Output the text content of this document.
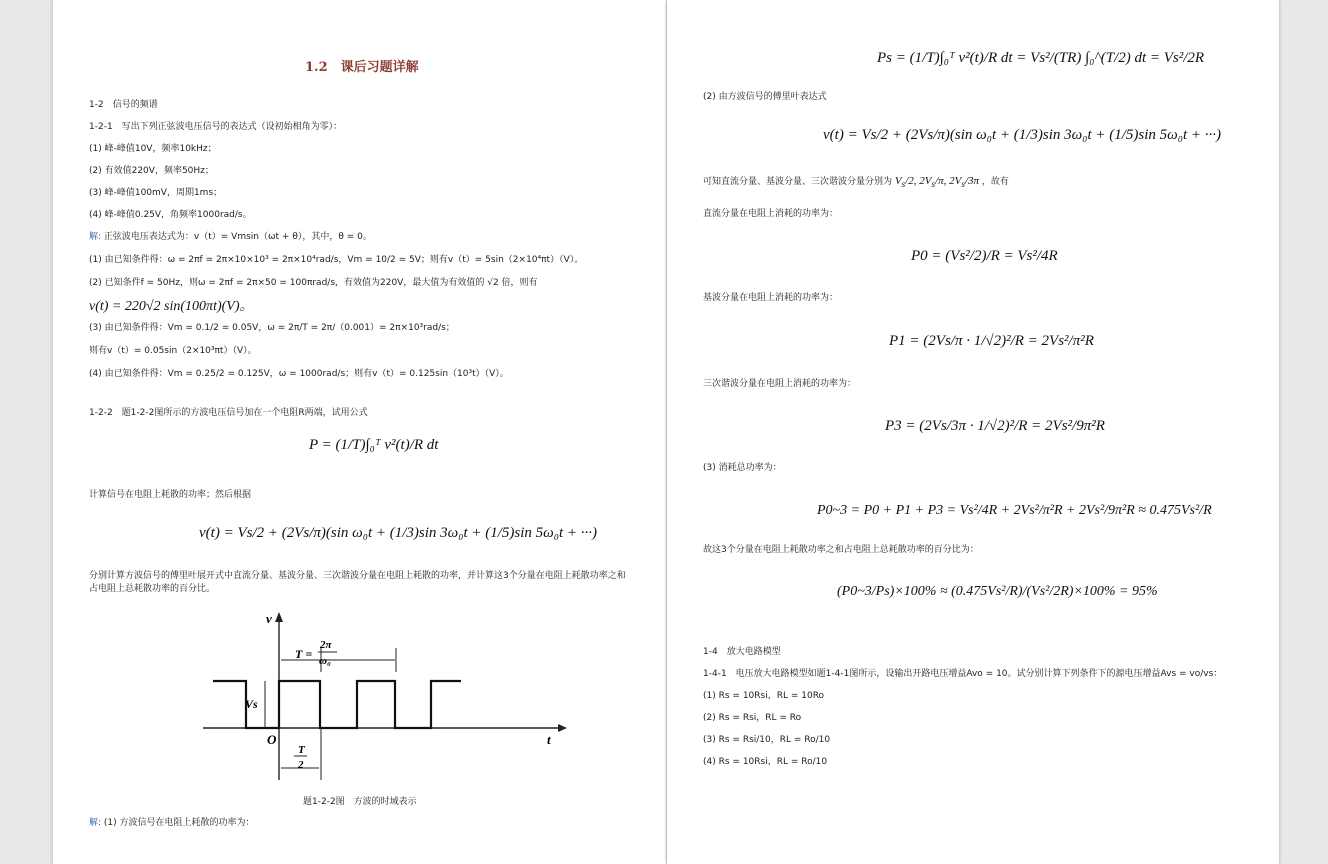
1.2　课后习题详解
1-2　信号的频谱
1-2-1　写出下列正弦波电压信号的表达式（设初始相角为零）：
(1) 峰-峰值10V，频率10kHz；
(2) 有效值220V，频率50Hz；
(3) 峰-峰值100mV，周期1ms；
(4) 峰-峰值0.25V，角频率1000rad/s。
解: 正弦波电压表达式为：v（t）= Vmsin（ωt + θ），其中，θ = 0。
(1) 由已知条件得：ω = 2πf = 2π×10×10³ = 2π×10⁴rad/s，Vm = 10/2 = 5V；则有v（t）= 5sin（2×10⁴πt）（V）。
(2) 已知条件f = 50Hz，则ω = 2πf = 2π×50 = 100πrad/s，有效值为220V，最大值为有效值的 √2 倍，则有
v(t) = 220√2 sin(100πt)(V)。
(3) 由已知条件得：Vm = 0.1/2 = 0.05V，ω = 2π/T = 2π/（0.001）= 2π×10³rad/s；
则有v（t）= 0.05sin（2×10³πt）（V）。
(4) 由已知条件得：Vm = 0.25/2 = 0.125V，ω = 1000rad/s；则有v（t）= 0.125sin（10³t）（V）。
1-2-2　题1-2-2图所示的方波电压信号加在一个电阻R两端，试用公式
P = (1/T)∫₀ᵀ v²(t)/R dt
计算信号在电阻上耗散的功率；然后根据
v(t) = Vs/2 + (2Vs/π)(sin ω₀t + (1/3)sin 3ω₀t + (1/5)sin 5ω₀t + ···)
分别计算方波信号的傅里叶展开式中直流分量、基波分量、三次谐波分量在电阻上耗散的功率，并计算这3个分量在电阻上耗散功率之和
占电阻上总耗散功率的百分比。
v
t
O
Vs
T =
2π
ω₀
T
2
题1-2-2图　方波的时域表示
解: (1) 方波信号在电阻上耗散的功率为：
Ps = (1/T)∫₀ᵀ v²(t)/R dt = Vs²/(TR) ∫₀^(T/2) dt = Vs²/2R
(2) 由方波信号的傅里叶表达式
v(t) = Vs/2 + (2Vs/π)(sin ω₀t + (1/3)sin 3ω₀t + (1/5)sin 5ω₀t + ···)
可知直流分量、基波分量、三次谐波分量分别为 $V_s/2$, $2V_s/\pi$, $2V_s/3\pi$ ，故有
直流分量在电阻上消耗的功率为：
P0 = (Vs²/2)/R = Vs²/4R
基波分量在电阻上消耗的功率为：
P1 = (2Vs/π · 1/√2)²/R = 2Vs²/π²R
三次谐波分量在电阻上消耗的功率为：
P3 = (2Vs/3π · 1/√2)²/R = 2Vs²/9π²R
(3) 消耗总功率为：
P0~3 = P0 + P1 + P3 = Vs²/4R + 2Vs²/π²R + 2Vs²/9π²R ≈ 0.475Vs²/R
故这3个分量在电阻上耗散功率之和占电阻上总耗散功率的百分比为：
(P0~3/Ps)×100% ≈ (0.475Vs²/R)/(Vs²/2R)×100% = 95%
1-4　放大电路模型
1-4-1　电压放大电路模型如题1-4-1图所示，设输出开路电压增益Avo = 10。试分别计算下列条件下的源电压增益Avs = vo/vs：
(1) Rs = 10Rsi，RL = 10Ro
(2) Rs = Rsi，RL = Ro
(3) Rs = Rsi/10，RL = Ro/10
(4) Rs = 10Rsi，RL = Ro/10
